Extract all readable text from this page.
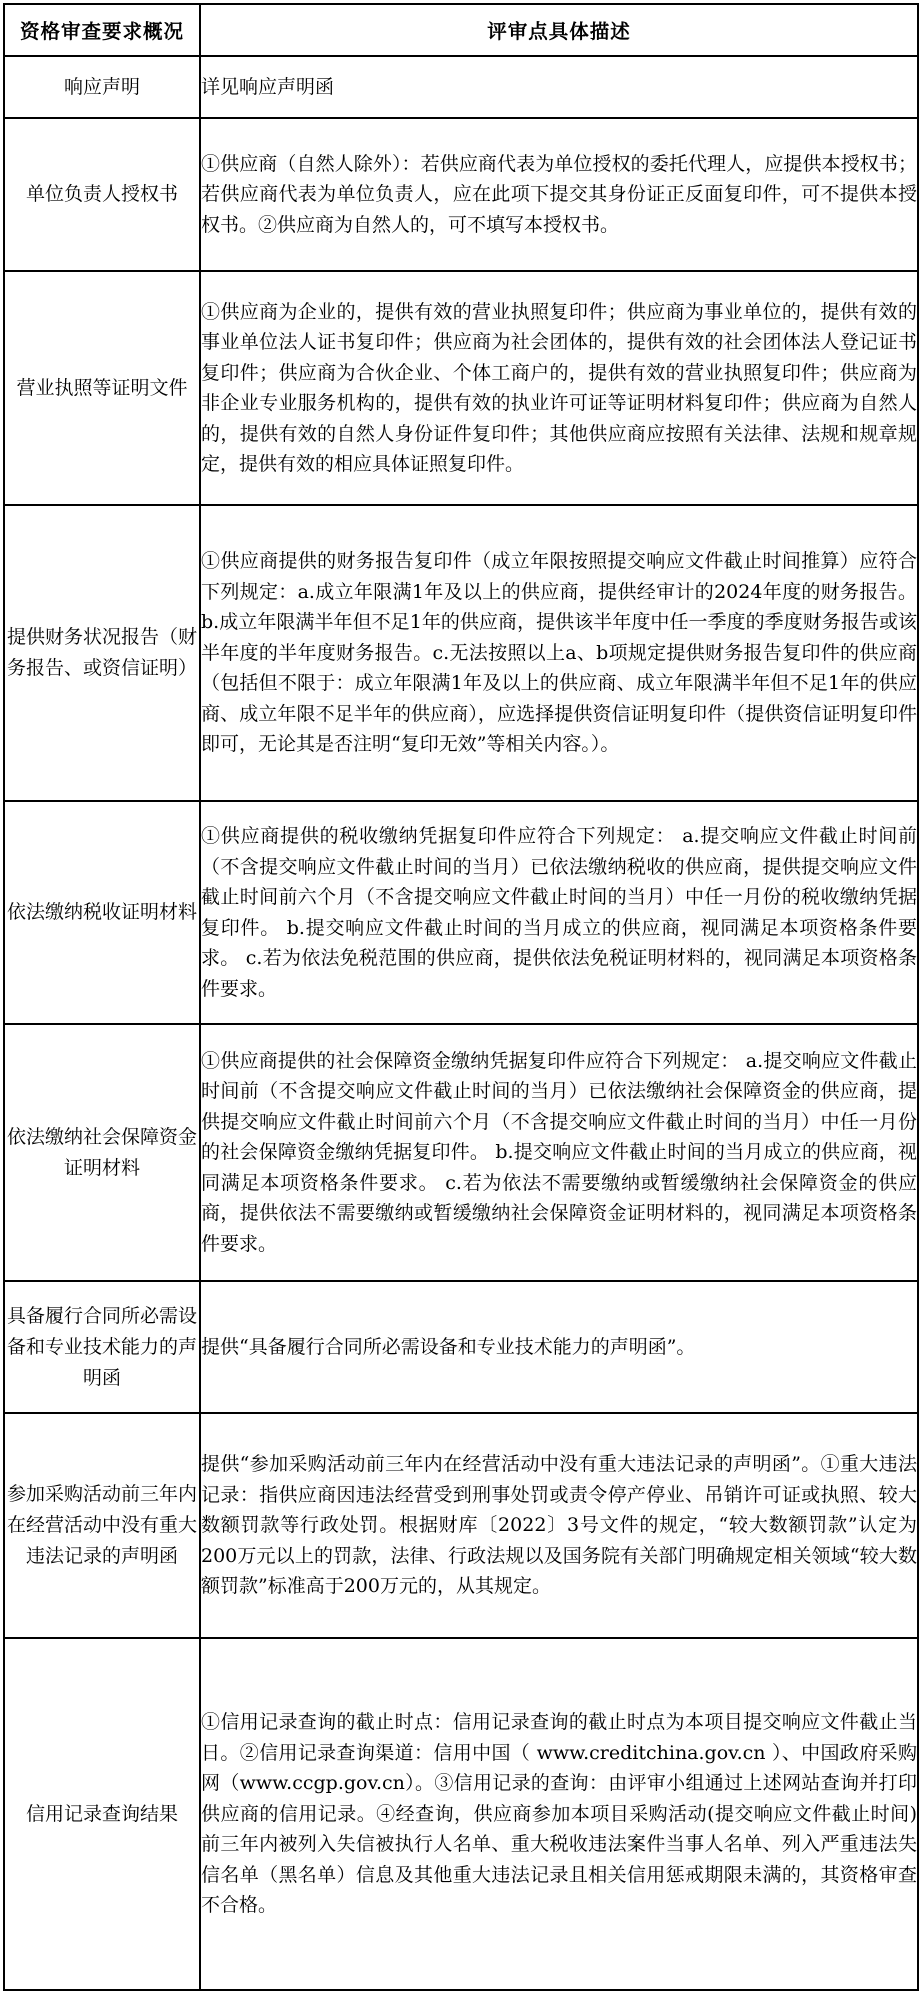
资格审查要求概况	评审点具体描述
响应声明	详见响应声明函
单位负责人授权书	①供应商（自然人除外）：若供应商代表为单位授权的委托代理人，应提供本授权书；若供应商代表为单位负责人，应在此项下提交其身份证正反面复印件，可不提供本授权书。②供应商为自然人的，可不填写本授权书。
营业执照等证明文件	①供应商为企业的，提供有效的营业执照复印件；供应商为事业单位的，提供有效的事业单位法人证书复印件；供应商为社会团体的，提供有效的社会团体法人登记证书复印件；供应商为合伙企业、个体工商户的，提供有效的营业执照复印件；供应商为非企业专业服务机构的，提供有效的执业许可证等证明材料复印件；供应商为自然人的，提供有效的自然人身份证件复印件；其他供应商应按照有关法律、法规和规章规定，提供有效的相应具体证照复印件。
提供财务状况报告（财务报告、或资信证明）	①供应商提供的财务报告复印件（成立年限按照提交响应文件截止时间推算）应符合下列规定：a.成立年限满1年及以上的供应商，提供经审计的2024年度的财务报告。b.成立年限满半年但不足1年的供应商，提供该半年度中任一季度的季度财务报告或该半年度的半年度财务报告。c.无法按照以上a、b项规定提供财务报告复印件的供应商（包括但不限于：成立年限满1年及以上的供应商、成立年限满半年但不足1年的供应商、成立年限不足半年的供应商），应选择提供资信证明复印件（提供资信证明复印件即可，无论其是否注明“复印无效”等相关内容。）。
依法缴纳税收证明材料	①供应商提供的税收缴纳凭据复印件应符合下列规定： a.提交响应文件截止时间前（不含提交响应文件截止时间的当月）已依法缴纳税收的供应商，提供提交响应文件截止时间前六个月（不含提交响应文件截止时间的当月）中任一月份的税收缴纳凭据复印件。 b.提交响应文件截止时间的当月成立的供应商，视同满足本项资格条件要求。 c.若为依法免税范围的供应商，提供依法免税证明材料的，视同满足本项资格条件要求。
依法缴纳社会保障资金证明材料	①供应商提供的社会保障资金缴纳凭据复印件应符合下列规定： a.提交响应文件截止时间前（不含提交响应文件截止时间的当月）已依法缴纳社会保障资金的供应商，提供提交响应文件截止时间前六个月（不含提交响应文件截止时间的当月）中任一月份的社会保障资金缴纳凭据复印件。 b.提交响应文件截止时间的当月成立的供应商，视同满足本项资格条件要求。 c.若为依法不需要缴纳或暂缓缴纳社会保障资金的供应商，提供依法不需要缴纳或暂缓缴纳社会保障资金证明材料的，视同满足本项资格条件要求。
具备履行合同所必需设备和专业技术能力的声明函	提供“具备履行合同所必需设备和专业技术能力的声明函”。
参加采购活动前三年内在经营活动中没有重大违法记录的声明函	提供“参加采购活动前三年内在经营活动中没有重大违法记录的声明函”。①重大违法记录：指供应商因违法经营受到刑事处罚或责令停产停业、吊销许可证或执照、较大数额罚款等行政处罚。根据财库〔2022〕3号文件的规定，“较大数额罚款”认定为200万元以上的罚款，法律、行政法规以及国务院有关部门明确规定相关领域“较大数额罚款”标准高于200万元的，从其规定。
信用记录查询结果	①信用记录查询的截止时点：信用记录查询的截止时点为本项目提交响应文件截止当日。②信用记录查询渠道：信用中国（ www.creditchina.gov.cn ）、中国政府采购网（www.ccgp.gov.cn）。③信用记录的查询：由评审小组通过上述网站查询并打印供应商的信用记录。④经查询，供应商参加本项目采购活动(提交响应文件截止时间)前三年内被列入失信被执行人名单、重大税收违法案件当事人名单、列入严重违法失信名单（黑名单）信息及其他重大违法记录且相关信用惩戒期限未满的，其资格审查不合格。
